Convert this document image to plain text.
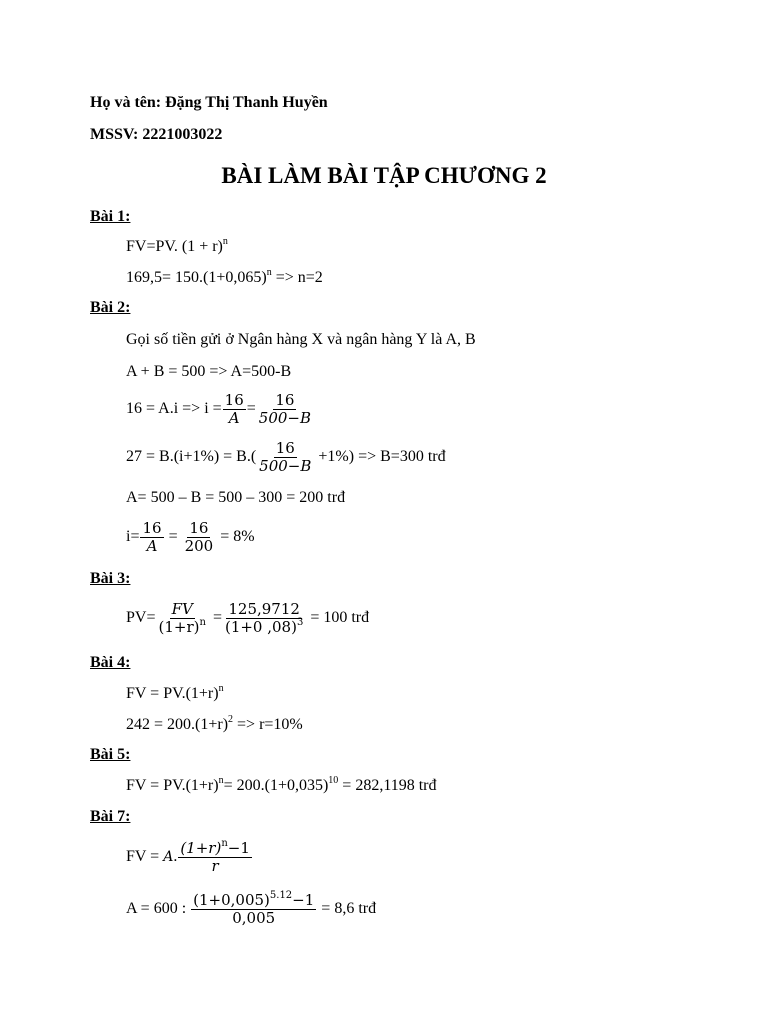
Họ và tên: Đặng Thị Thanh Huyền
MSSV: 2221003022
BÀI LÀM BÀI TẬP CHƯƠNG 2
Bài 1:
FV=PV. $(1 + r)^n$
$169,5= 150.(1+0,065)^n => n=2$
Bài 2:
Gọi số tiền gửi ở Ngân hàng X và ngân hàng Y là A, B
A + B = 500 => A=500-B
$16 = A.i => i = \frac{16}{A} = \frac{16}{500-B}$
$27 = B.(i+1\%) = B.( \frac{16}{500-B} +1\%) => B=300$ trđ
A= 500 – B = 500 – 300 = 200 trđ
$i= \frac{16}{A} = \frac{16}{200} = 8\%$
Bài 3:
$PV= \frac{FV}{(1+r)^n} = \frac{125,9712}{(1+0 ,08)^3} = 100$ trđ
Bài 4:
FV = $PV.(1+r)^n$
$242 = 200.(1+r)^2 => r=10\%$
Bài 5:
FV = $PV.(1+r)^n= 200.(1+0,035)^{10} = 282,1198$ trđ
Bài 7:
FV = A. $\frac{(1+r)^n-1}{r}$
A = 600 : $\frac{(1+0,005)^{5.12}-1}{0,005} = 8,6$ trđ
